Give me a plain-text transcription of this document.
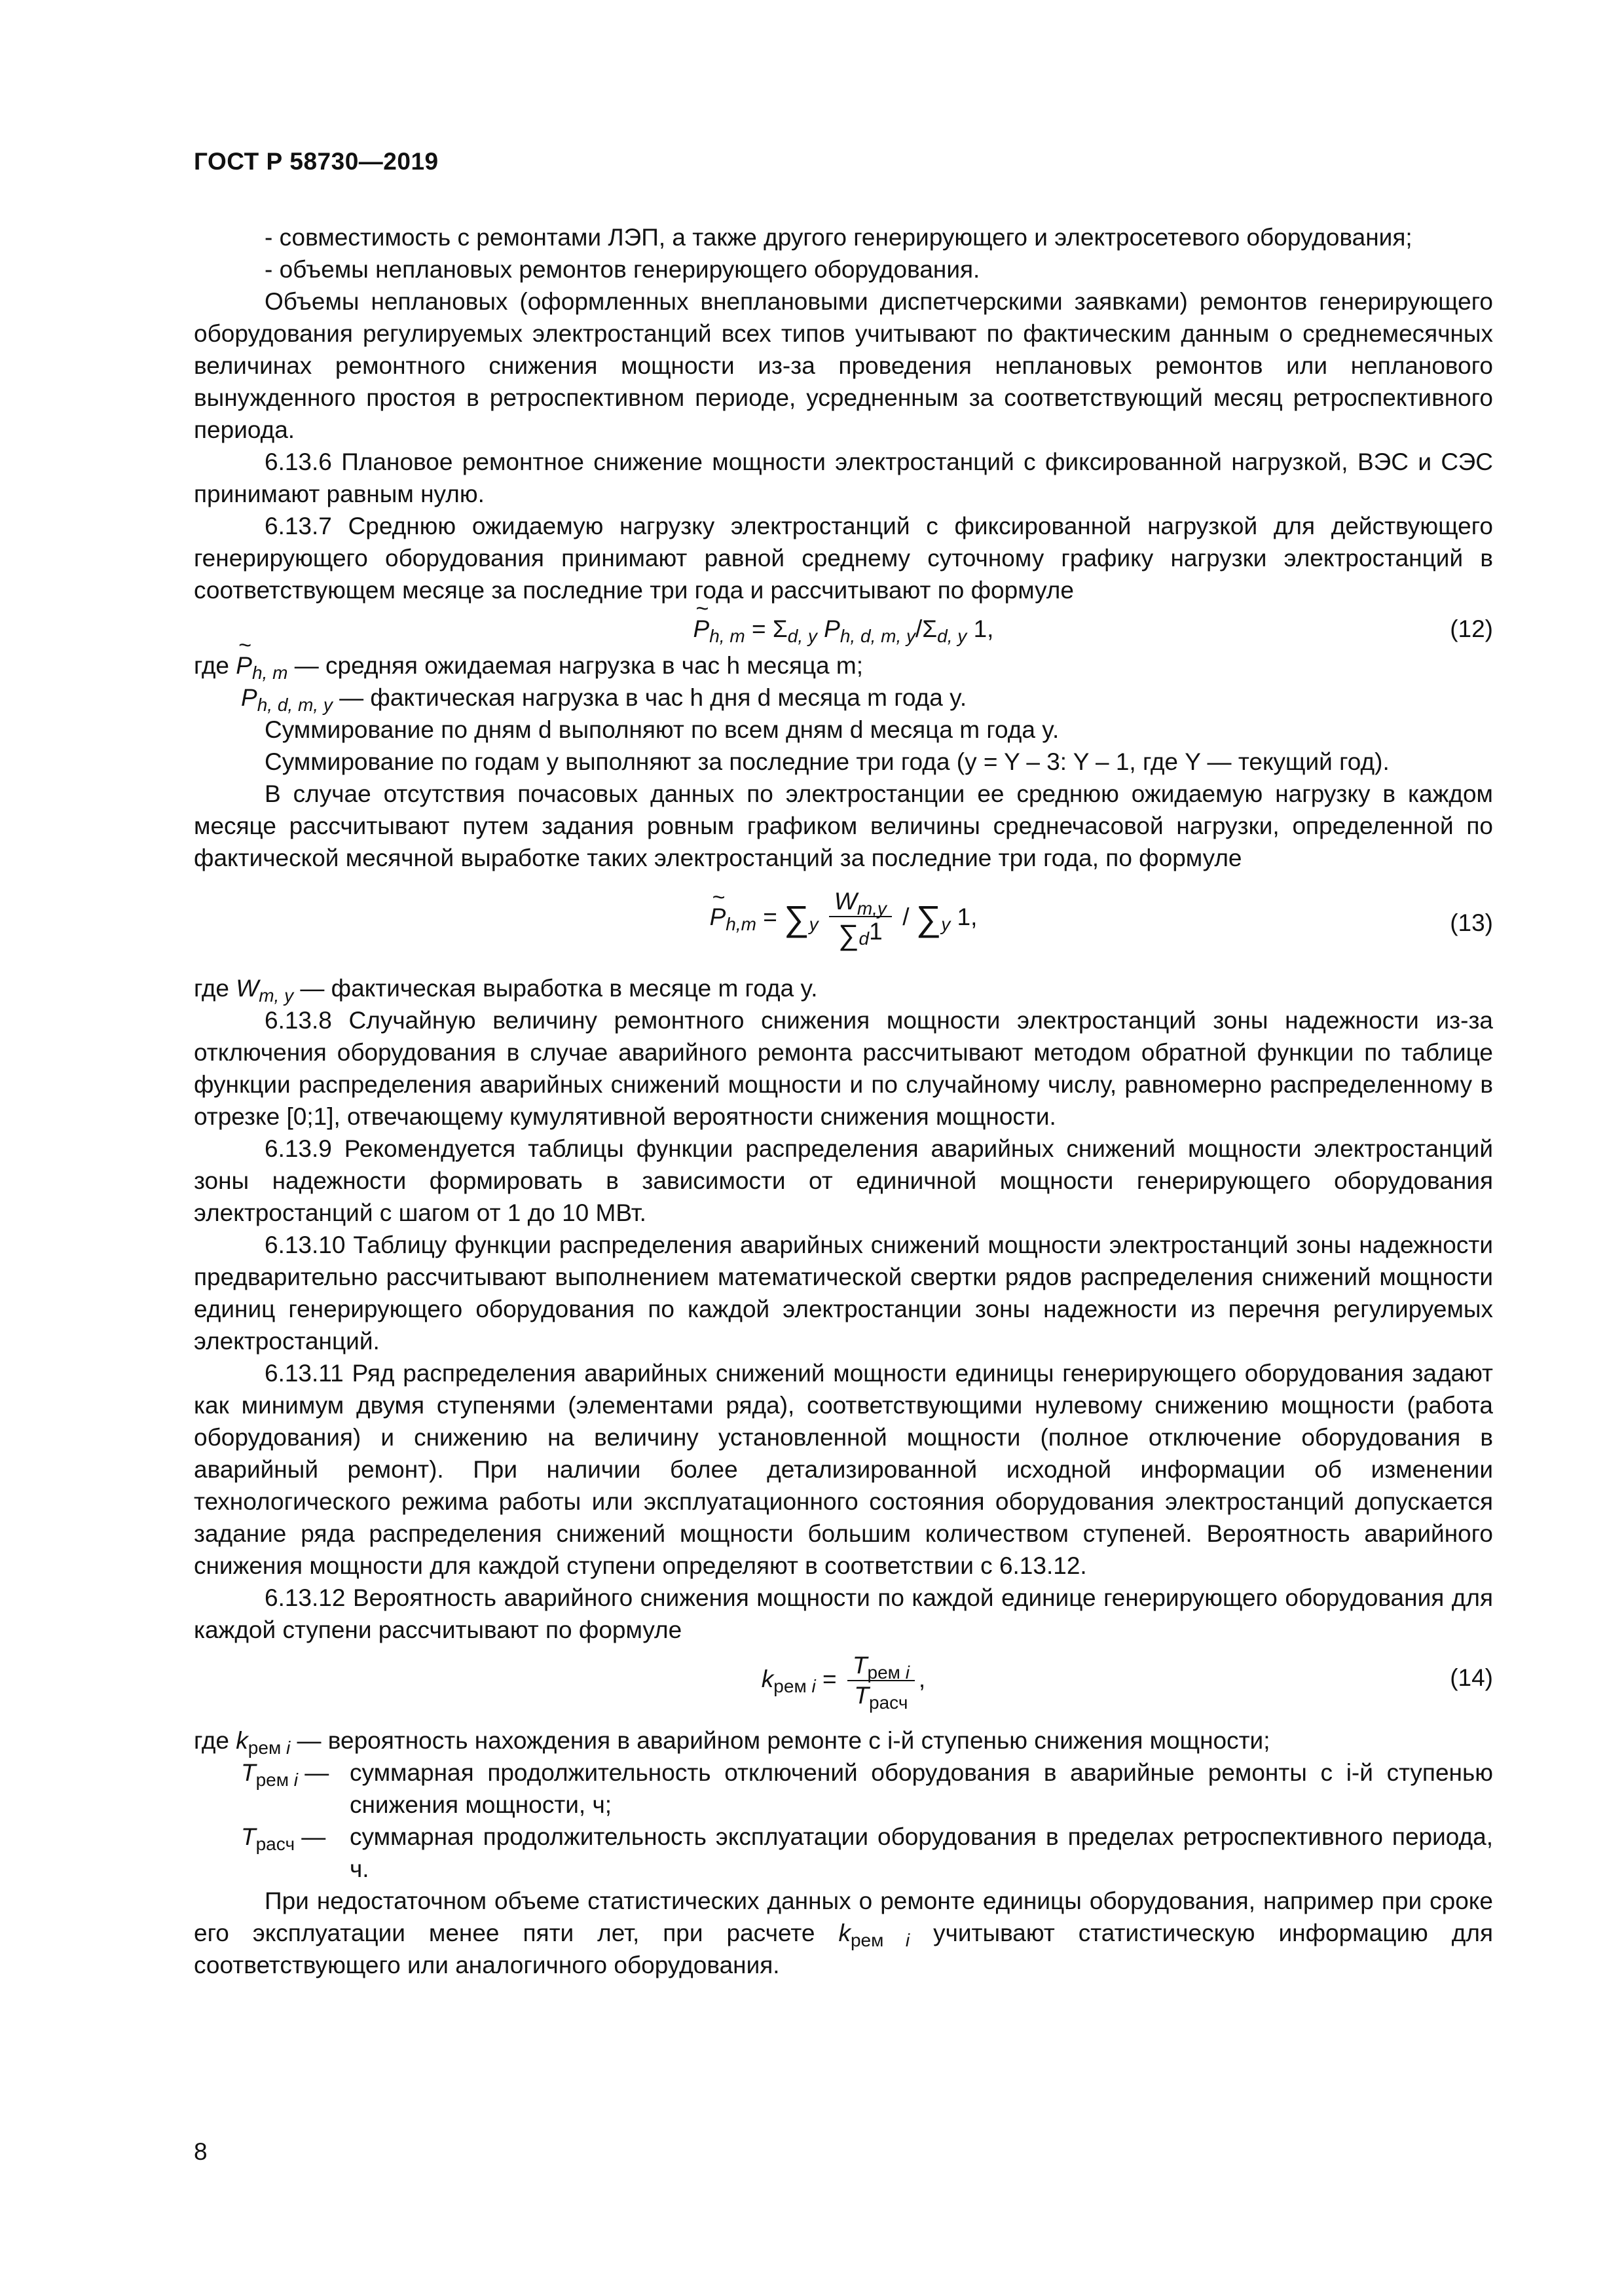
ГОСТ Р 58730—2019

- совместимость с ремонтами ЛЭП, а также другого генерирующего и электросетевого оборудования;

- объемы неплановых ремонтов генерирующего оборудования.

Объемы неплановых (оформленных внеплановыми диспетчерскими заявками) ремонтов генерирующего оборудования регулируемых электростанций всех типов учитывают по фактическим данным о среднемесячных величинах ремонтного снижения мощности из-за проведения неплановых ремонтов или непланового вынужденного простоя в ретроспективном периоде, усредненным за соответствующий месяц ретроспективного периода.

6.13.6 Плановое ремонтное снижение мощности электростанций с фиксированной нагрузкой, ВЭС и СЭС принимают равным нулю.

6.13.7 Среднюю ожидаемую нагрузку электростанций с фиксированной нагрузкой для действующего генерирующего оборудования принимают равной среднему суточному графику нагрузки электростанций в соответствующем месяце за последние три года и рассчитывают по формуле

~ $P_{h, m} = \Sigma_{d, y}$ $P_{h, d, m, y}/\Sigma_{d, y}$ 1,	(12)
где ~ $P_{h, m}$ — средняя ожидаемая нагрузка в час h месяца m;
$P_{h, d, m, y}$ — фактическая нагрузка в час h дня d месяца m года y.

Суммирование по дням d выполняют по всем дням d месяца m года y.

Суммирование по годам y выполняют за последние три года (y = Y – 3: Y – 1, где Y — текущий год).

В случае отсутствия почасовых данных по электростанции ее среднюю ожидаемую нагрузку в каждом месяце рассчитывают путем задания ровным графиком величины среднечасовой нагрузки, определенной по фактической месячной выработке таких электростанций за последние три года, по формуле

~ $P_{h,m} = \sum_y \frac{W_{m,y}}{\sum_d1} / \sum_y$ 1,	(13)
где $W_{m, y}$ — фактическая выработка в месяце m года y.

6.13.8 Случайную величину ремонтного снижения мощности электростанций зоны надежности из-за отключения оборудования в случае аварийного ремонта рассчитывают методом обратной функции по таблице функции распределения аварийных снижений мощности и по случайному числу, равномерно распределенному в отрезке [0;1], отвечающему кумулятивной вероятности снижения мощности.

6.13.9 Рекомендуется таблицы функции распределения аварийных снижений мощности электростанций зоны надежности формировать в зависимости от единичной мощности генерирующего оборудования электростанций с шагом от 1 до 10 МВт.

6.13.10 Таблицу функции распределения аварийных снижений мощности электростанций зоны надежности предварительно рассчитывают выполнением математической свертки рядов распределения снижений мощности единиц генерирующего оборудования по каждой электростанции зоны надежности из перечня регулируемых электростанций.

6.13.11 Ряд распределения аварийных снижений мощности единицы генерирующего оборудования задают как минимум двумя ступенями (элементами ряда), соответствующими нулевому снижению мощности (работа оборудования) и снижению на величину установленной мощности (полное отключение оборудования в аварийный ремонт). При наличии более детализированной исходной информации об изменении технологического режима работы или эксплуатационного состояния оборудования электростанций допускается задание ряда распределения снижений мощности большим количеством ступеней. Вероятность аварийного снижения мощности для каждой ступени определяют в соответствии с 6.13.12.

6.13.12 Вероятность аварийного снижения мощности по каждой единице генерирующего оборудования для каждой ступени рассчитывают по формуле

$k_{рем i} = \frac{T_{рем i}}{T_{расч}}$ ,	(14)
где $k_{рем i}$ — вероятность нахождения в аварийном ремонте с i-й ступенью снижения мощности;
$T_{рем i}$ — суммарная продолжительность отключений оборудования в аварийные ремонты с i-й ступенью снижения мощности, ч;
$T_{расч}$ — суммарная продолжительность эксплуатации оборудования в пределах ретроспективного периода, ч.

При недостаточном объеме статистических данных о ремонте единицы оборудования, например при сроке его эксплуатации менее пяти лет, при расчете $k_{рем i}$ учитывают статистическую информацию для соответствующего или аналогичного оборудования.

8
